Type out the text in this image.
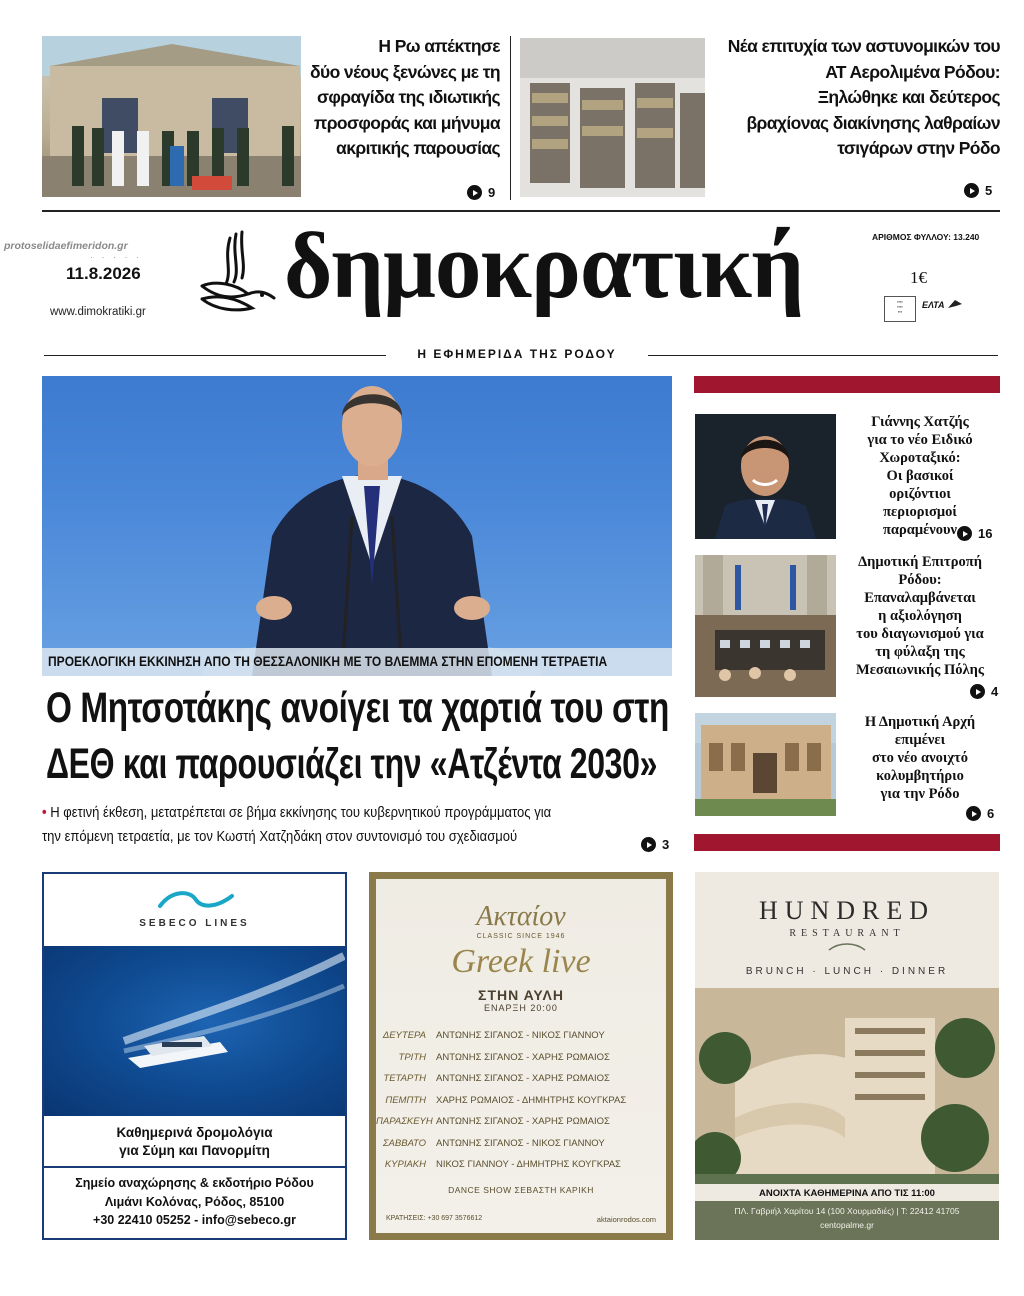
Η Ρω απέκτησε
δύο νέους ξενώνες με τη
σφραγίδα της ιδιωτικής
προσφοράς και μήνυμα
ακριτικής παρουσίας
9
Νέα επιτυχία των αστυνομικών του
ΑΤ Αερολιμένα Ρόδου:
Ξηλώθηκε και δεύτερος
βραχίονας διακίνησης λαθραίων
τσιγάρων στην Ρόδο
5
protoselidaefimeridon.gr
· · · · ·
11.8.2026
www.dimokratiki.gr δημοκρατική	ΑΡΙΘΜΟΣ ΦΥΛΛΟΥ: 13.240
1€
▪▪▪▪
▪▪▪▪
▪▪▪
ΕΛΤΑ
Η ΕΦΗΜΕΡΙΔΑ ΤΗΣ ΡΟΔΟΥ
ΠΡΟΕΚΛΟΓΙΚΗ ΕΚΚΙΝΗΣΗ ΑΠΟ ΤΗ ΘΕΣΣΑΛΟΝΙΚΗ ΜΕ ΤΟ ΒΛΕΜΜΑ ΣΤΗΝ ΕΠΟΜΕΝΗ ΤΕΤΡΑΕΤΙΑ
Ο Μητσοτάκης ανοίγει τα χαρτιά του στη
ΔΕΘ και παρουσιάζει την «Ατζέντα 2030»
• Η φετινή έκθεση, μετατρέπεται σε βήμα εκκίνησης του κυβερνητικού προγράμματος για
την επόμενη τετραετία, με τον Κωστή Χατζηδάκη στον συντονισμό του σχεδιασμού	3
Γιάννης Χατζής
για το νέο Ειδικό
Χωροταξικό:
Οι βασικοί
οριζόντιοι
περιορισμοί
παραμένουν	16
Δημοτική Επιτροπή
Ρόδου:
Επαναλαμβάνεται
η αξιολόγηση
του διαγωνισμού για
τη φύλαξη της
Μεσαιωνικής Πόλης
4
Η Δημοτική Αρχή
επιμένει
στο νέο ανοιχτό
κολυμβητήριο
για την Ρόδο
6
SEBECO LINES
Καθημερινά δρομολόγια
για Σύμη και Πανορμίτη
Σημείο αναχώρησης & εκδοτήριο Ρόδου
Λιμάνι Κολόνας, Ρόδος, 85100
+30 22410 05252 - info@sebeco.gr
Ακταίον
CLASSIC SINCE 1946
Greek live
ΣΤΗΝ ΑΥΛΗ
ΕΝΑΡΞΗ 20:00
ΔΕΥΤΕΡΑ	ΑΝΤΩΝΗΣ ΣΙΓΑΝΟΣ - ΝΙΚΟΣ ΓΙΑΝΝΟΥ
ΤΡΙΤΗ	ΑΝΤΩΝΗΣ ΣΙΓΑΝΟΣ - ΧΑΡΗΣ ΡΩΜΑΙΟΣ
ΤΕΤΑΡΤΗ	ΑΝΤΩΝΗΣ ΣΙΓΑΝΟΣ - ΧΑΡΗΣ ΡΩΜΑΙΟΣ
ΠΕΜΠΤΗ	ΧΑΡΗΣ ΡΩΜΑΙΟΣ - ΔΗΜΗΤΡΗΣ ΚΟΥΓΚΡΑΣ
ΠΑΡΑΣΚΕΥΗ ΑΝΤΩΝΗΣ ΣΙΓΑΝΟΣ - ΧΑΡΗΣ ΡΩΜΑΙΟΣ
ΣΑΒΒΑΤΟ	ΑΝΤΩΝΗΣ ΣΙΓΑΝΟΣ - ΝΙΚΟΣ ΓΙΑΝΝΟΥ
ΚΥΡΙΑΚΗ	ΝΙΚΟΣ ΓΙΑΝΝΟΥ - ΔΗΜΗΤΡΗΣ ΚΟΥΓΚΡΑΣ
DANCE SHOW ΣΕΒΑΣΤΗ ΚΑΡΙΚΗ
ΚΡΑΤΗΣΕΙΣ: +30 697 3576612	aktaionrodos.com
HUNDRED
RESTAURANT
BRUNCH · LUNCH · DINNER
ΑΝΟΙΧΤΑ ΚΑΘΗΜΕΡΙΝΑ ΑΠΟ ΤΙΣ 11:00
ΠΛ. Γαβριήλ Χαρίτου 14 (100 Χουρμαδιές) | Τ: 22412 41705
centopalme.gr
